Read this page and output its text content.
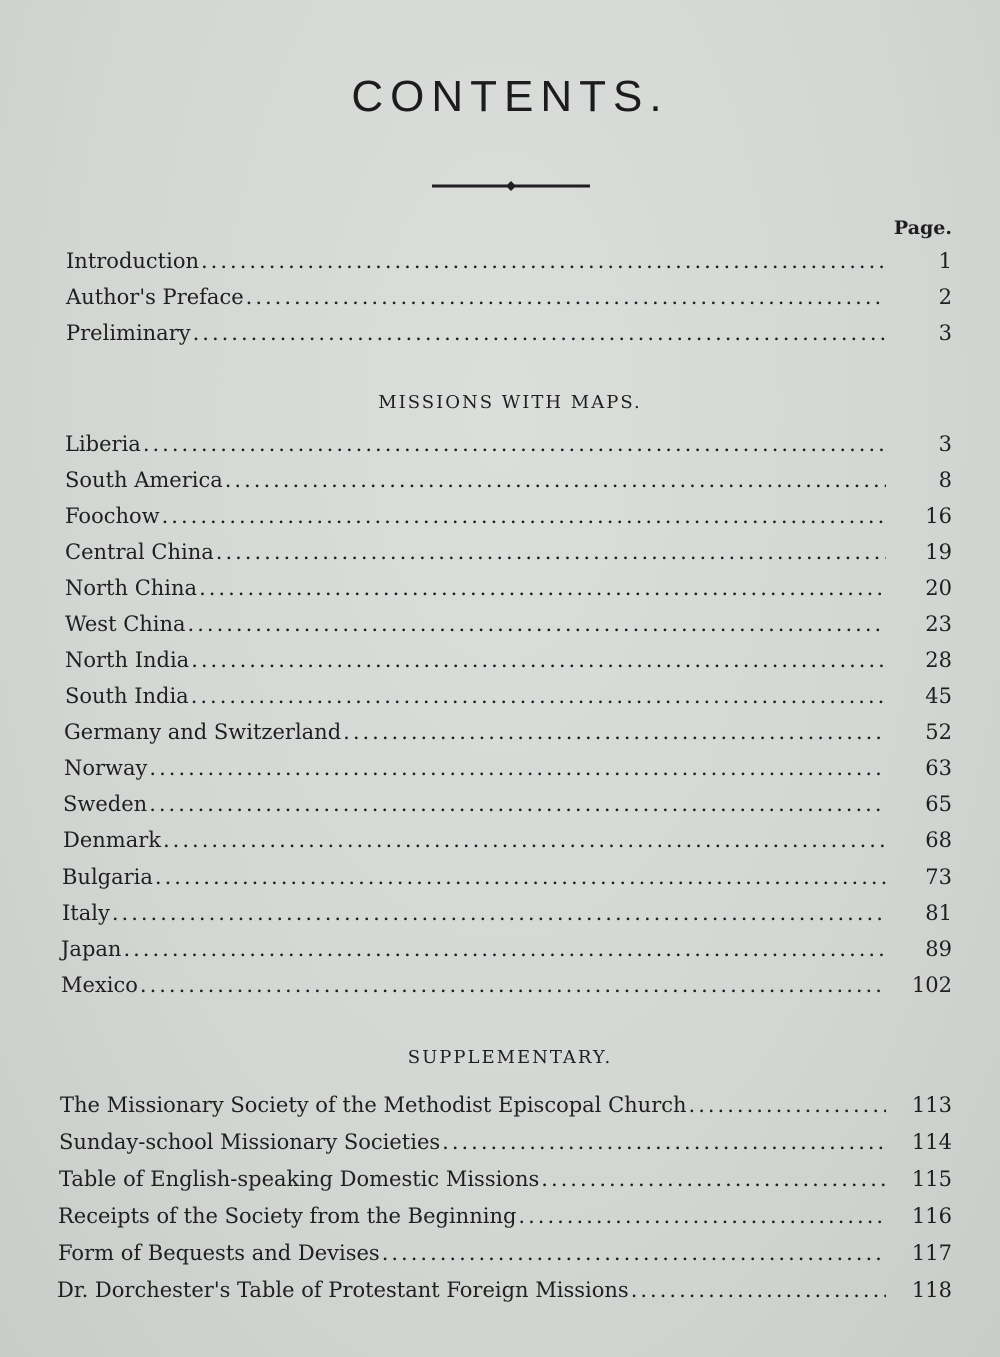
CONTENTS.
Page.
Introduction .....	1
Author's Preface .....	2
Preliminary .....	3
MISSIONS WITH MAPS.
Liberia .....	3
South America .....	8
Foochow .....	16
Central China .....	19
North China .....	20
West China .....	23
North India .....	28
South India .....	45
Germany and Switzerland .....	52
Norway .....	63
Sweden .....	65
Denmark .....	68
Bulgaria .....	73
Italy .....	81
Japan .....	89
Mexico .....	102
SUPPLEMENTARY.
The Missionary Society of the Methodist Episcopal Church .....	113
Sunday-school Missionary Societies .....	114
Table of English-speaking Domestic Missions .....	115
Receipts of the Society from the Beginning .....	116
Form of Bequests and Devises .....	117
Dr. Dorchester's Table of Protestant Foreign Missions .....	118
